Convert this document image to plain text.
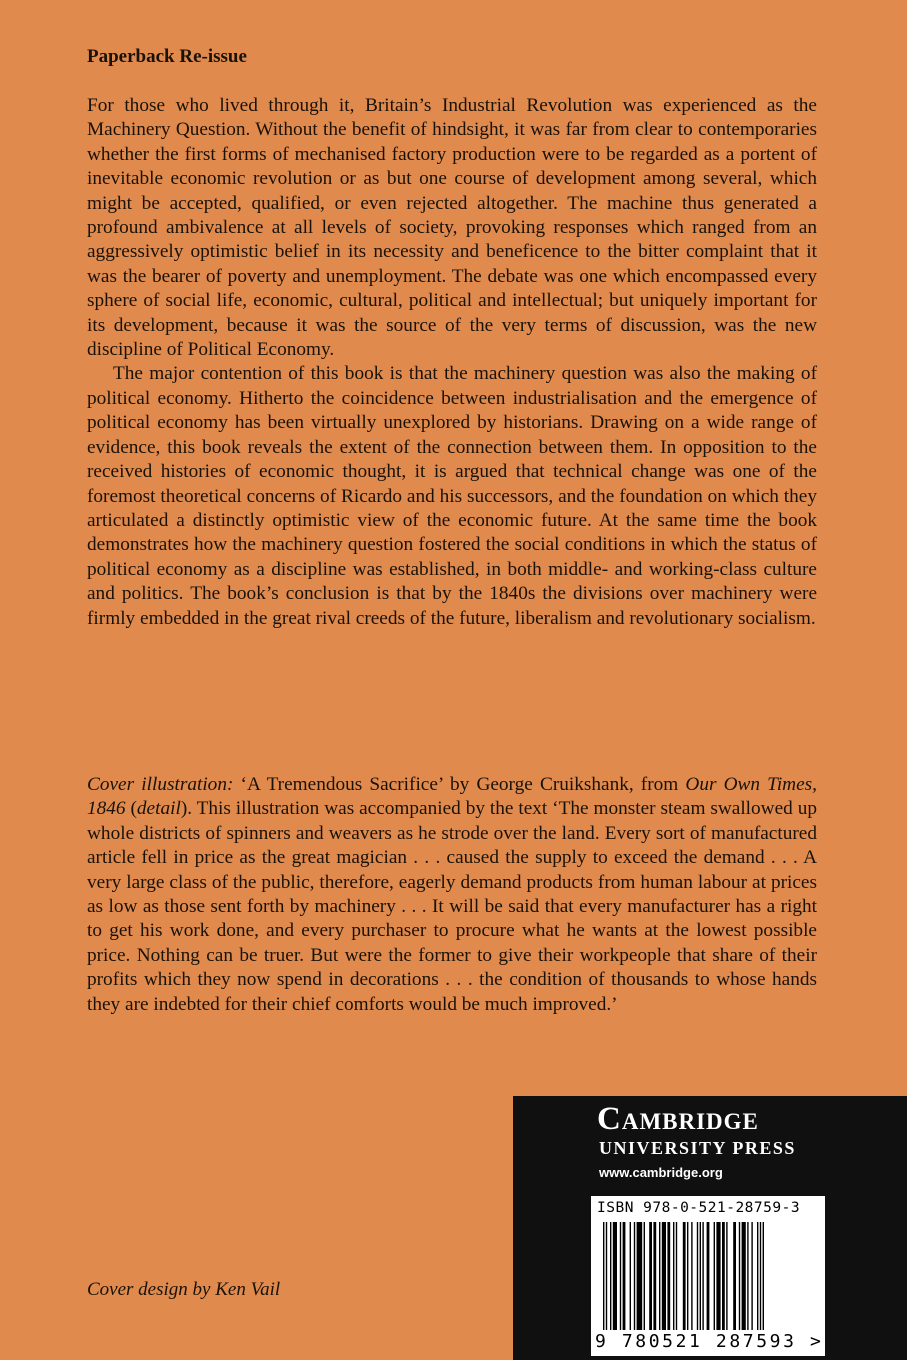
Paperback Re-issue

For those who lived through it, Britain’s Industrial Revolution was experienced as the Machinery Question. Without the benefit of hindsight, it was far from clear to contemporaries whether the first forms of mechanised factory production were to be regarded as a portent of inevitable economic revolution or as but one course of development among several, which might be accepted, qualified, or even rejected altogether. The machine thus generated a profound ambivalence at all levels of society, provoking responses which ranged from an aggressively optimistic belief in its necessity and beneficence to the bitter complaint that it was the bearer of poverty and unemployment. The debate was one which encompassed every sphere of social life, economic, cultural, political and intellectual; but uniquely important for its development, because it was the source of the very terms of discussion, was the new discipline of Political Economy.

The major contention of this book is that the machinery question was also the making of political economy. Hitherto the coincidence between industrialisation and the emergence of political economy has been virtually unexplored by historians. Drawing on a wide range of evidence, this book reveals the extent of the connection between them. In opposition to the received histories of economic thought, it is argued that technical change was one of the foremost theoretical concerns of Ricardo and his successors, and the foundation on which they articulated a distinctly optimistic view of the economic future. At the same time the book demonstrates how the machinery question fostered the social conditions in which the status of political economy as a discipline was established, in both middle- and working-class culture and politics. The book’s conclusion is that by the 1840s the divisions over machinery were firmly embedded in the great rival creeds of the future, liberalism and revolutionary socialism.

Cover illustration: ‘A Tremendous Sacrifice’ by George Cruikshank, from Our Own Times, 1846 (detail). This illustration was accompanied by the text ‘The monster steam swallowed up whole districts of spinners and weavers as he strode over the land. Every sort of manufactured article fell in price as the great magician . . . caused the supply to exceed the demand . . . A very large class of the public, therefore, eagerly demand products from human labour at prices as low as those sent forth by machinery . . . It will be said that every manufacturer has a right to get his work done, and every purchaser to procure what he wants at the lowest possible price. Nothing can be truer. But were the former to give their workpeople that share of their profits which they now spend in decorations . . . the condition of thousands to whose hands they are indebted for their chief comforts would be much improved.’

Cover design by Ken Vail
Cambridge
UNIVERSITY PRESS
www.cambridge.org
ISBN 978-0-521-28759-3
9 780521 287593 >
